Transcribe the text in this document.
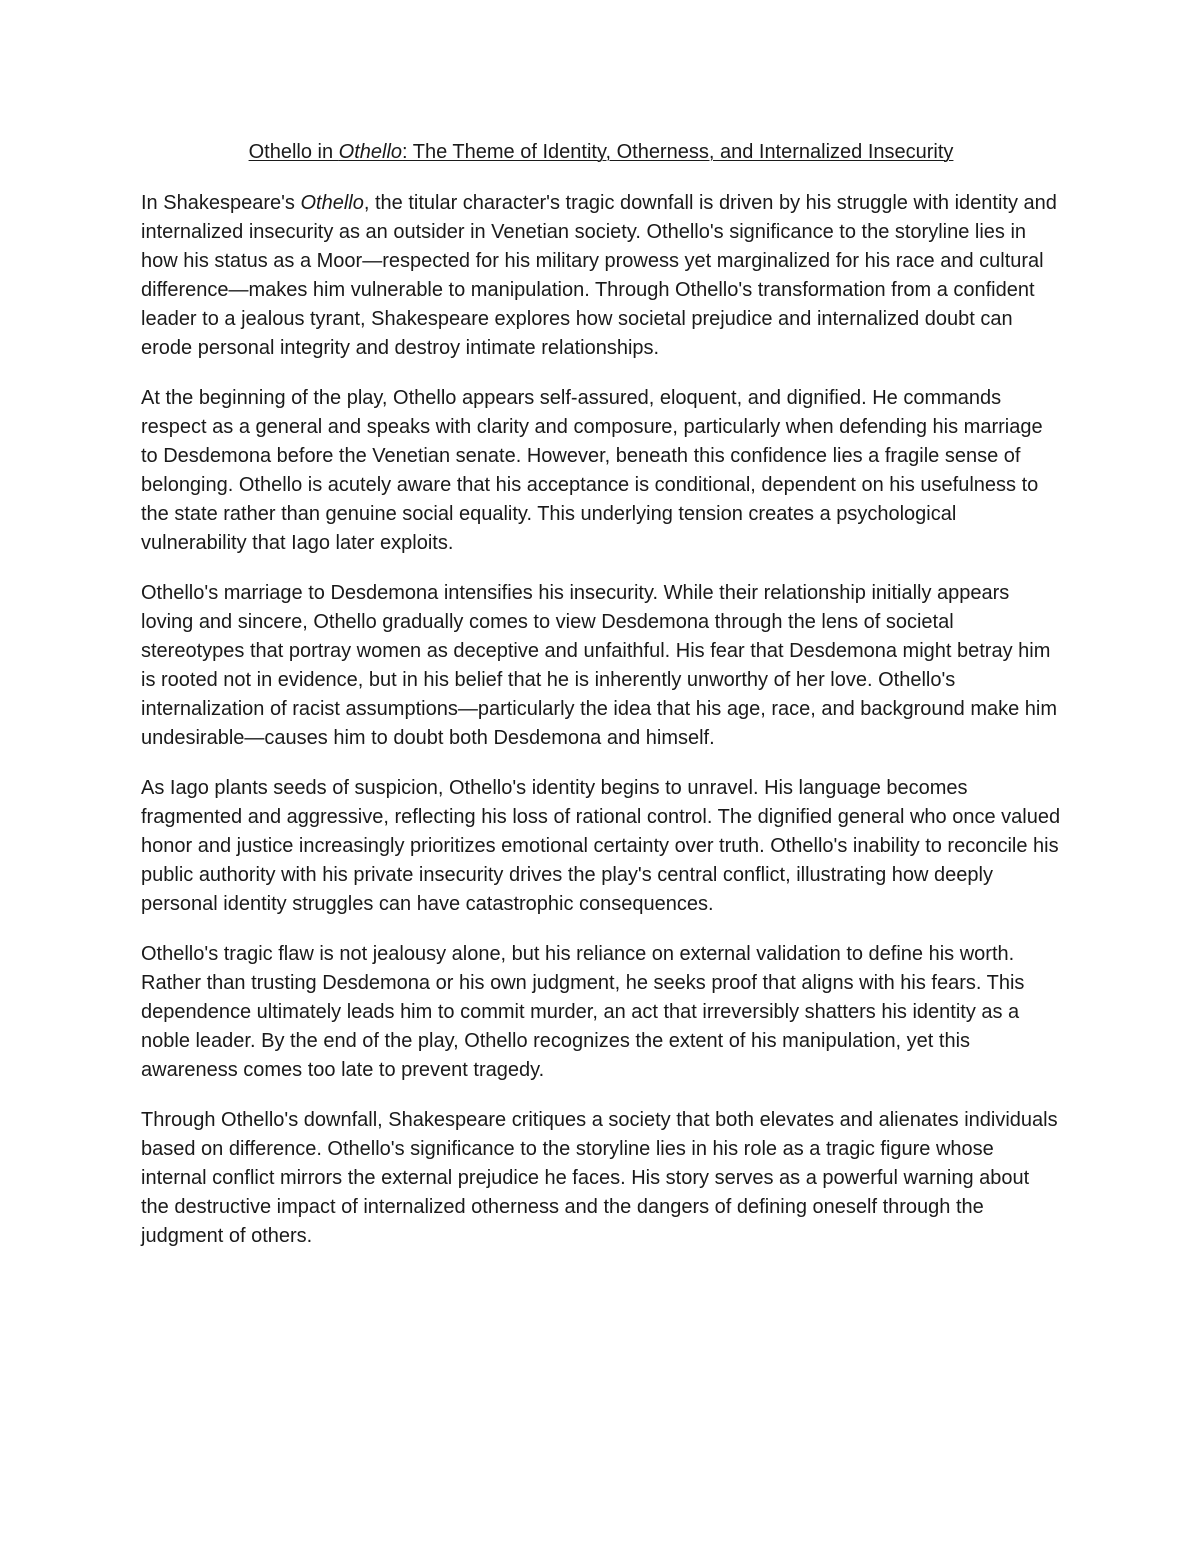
Othello in Othello: The Theme of Identity, Otherness, and Internalized Insecurity

In Shakespeare's Othello, the titular character's tragic downfall is driven by his struggle with identity and internalized insecurity as an outsider in Venetian society. Othello's significance to the storyline lies in how his status as a Moor—respected for his military prowess yet marginalized for his race and cultural difference—makes him vulnerable to manipulation. Through Othello's transformation from a confident leader to a jealous tyrant, Shakespeare explores how societal prejudice and internalized doubt can erode personal integrity and destroy intimate relationships.

At the beginning of the play, Othello appears self-assured, eloquent, and dignified. He commands respect as a general and speaks with clarity and composure, particularly when defending his marriage to Desdemona before the Venetian senate. However, beneath this confidence lies a fragile sense of belonging. Othello is acutely aware that his acceptance is conditional, dependent on his usefulness to the state rather than genuine social equality. This underlying tension creates a psychological vulnerability that Iago later exploits.

Othello's marriage to Desdemona intensifies his insecurity. While their relationship initially appears loving and sincere, Othello gradually comes to view Desdemona through the lens of societal stereotypes that portray women as deceptive and unfaithful. His fear that Desdemona might betray him is rooted not in evidence, but in his belief that he is inherently unworthy of her love. Othello's internalization of racist assumptions—particularly the idea that his age, race, and background make him undesirable—causes him to doubt both Desdemona and himself.

As Iago plants seeds of suspicion, Othello's identity begins to unravel. His language becomes fragmented and aggressive, reflecting his loss of rational control. The dignified general who once valued honor and justice increasingly prioritizes emotional certainty over truth. Othello's inability to reconcile his public authority with his private insecurity drives the play's central conflict, illustrating how deeply personal identity struggles can have catastrophic consequences.

Othello's tragic flaw is not jealousy alone, but his reliance on external validation to define his worth. Rather than trusting Desdemona or his own judgment, he seeks proof that aligns with his fears. This dependence ultimately leads him to commit murder, an act that irreversibly shatters his identity as a noble leader. By the end of the play, Othello recognizes the extent of his manipulation, yet this awareness comes too late to prevent tragedy.

Through Othello's downfall, Shakespeare critiques a society that both elevates and alienates individuals based on difference. Othello's significance to the storyline lies in his role as a tragic figure whose internal conflict mirrors the external prejudice he faces. His story serves as a powerful warning about the destructive impact of internalized otherness and the dangers of defining oneself through the judgment of others.
